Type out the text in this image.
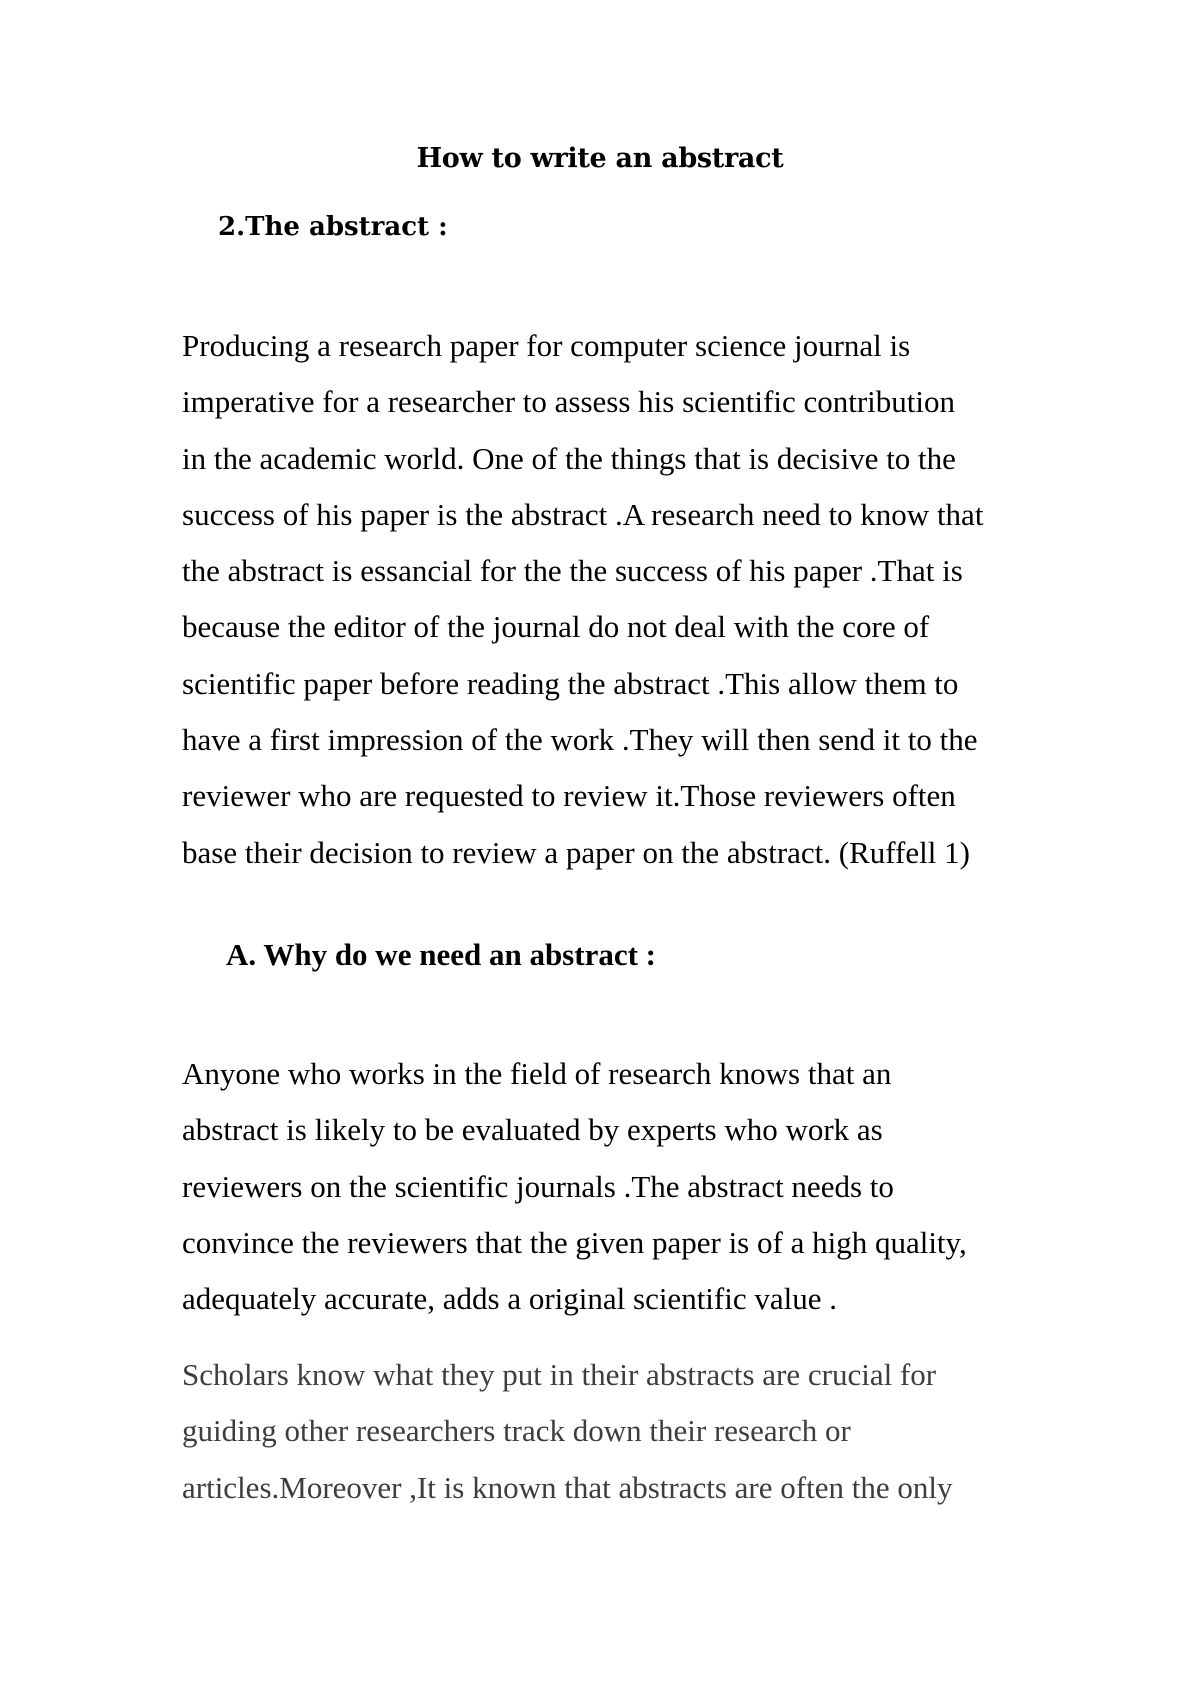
How to write an abstract
2.The abstract :

Producing a research paper for computer science journal is
imperative for a researcher to assess his scientific contribution
in the academic world. One of the things that is decisive to the
success of his paper is the abstract .A research need to know that
the abstract is essancial for the the success of his paper .That is
because the editor of the journal do not deal with the core of
scientific paper before reading the abstract .This allow them to
have a first impression of the work .They will then send it to the
reviewer who are requested to review it.Those reviewers often
base their decision to review a paper on the abstract. (Ruffell 1)

A. Why do we need an abstract :

Anyone who works in the field of research knows that an
abstract is likely to be evaluated by experts who work as
reviewers on the scientific journals .The abstract needs to
convince the reviewers that the given paper is of a high quality,
adequately accurate, adds a original scientific value .

Scholars know what they put in their abstracts are crucial for
guiding other researchers track down their research or
articles.Moreover ,It is known that abstracts are often the only
